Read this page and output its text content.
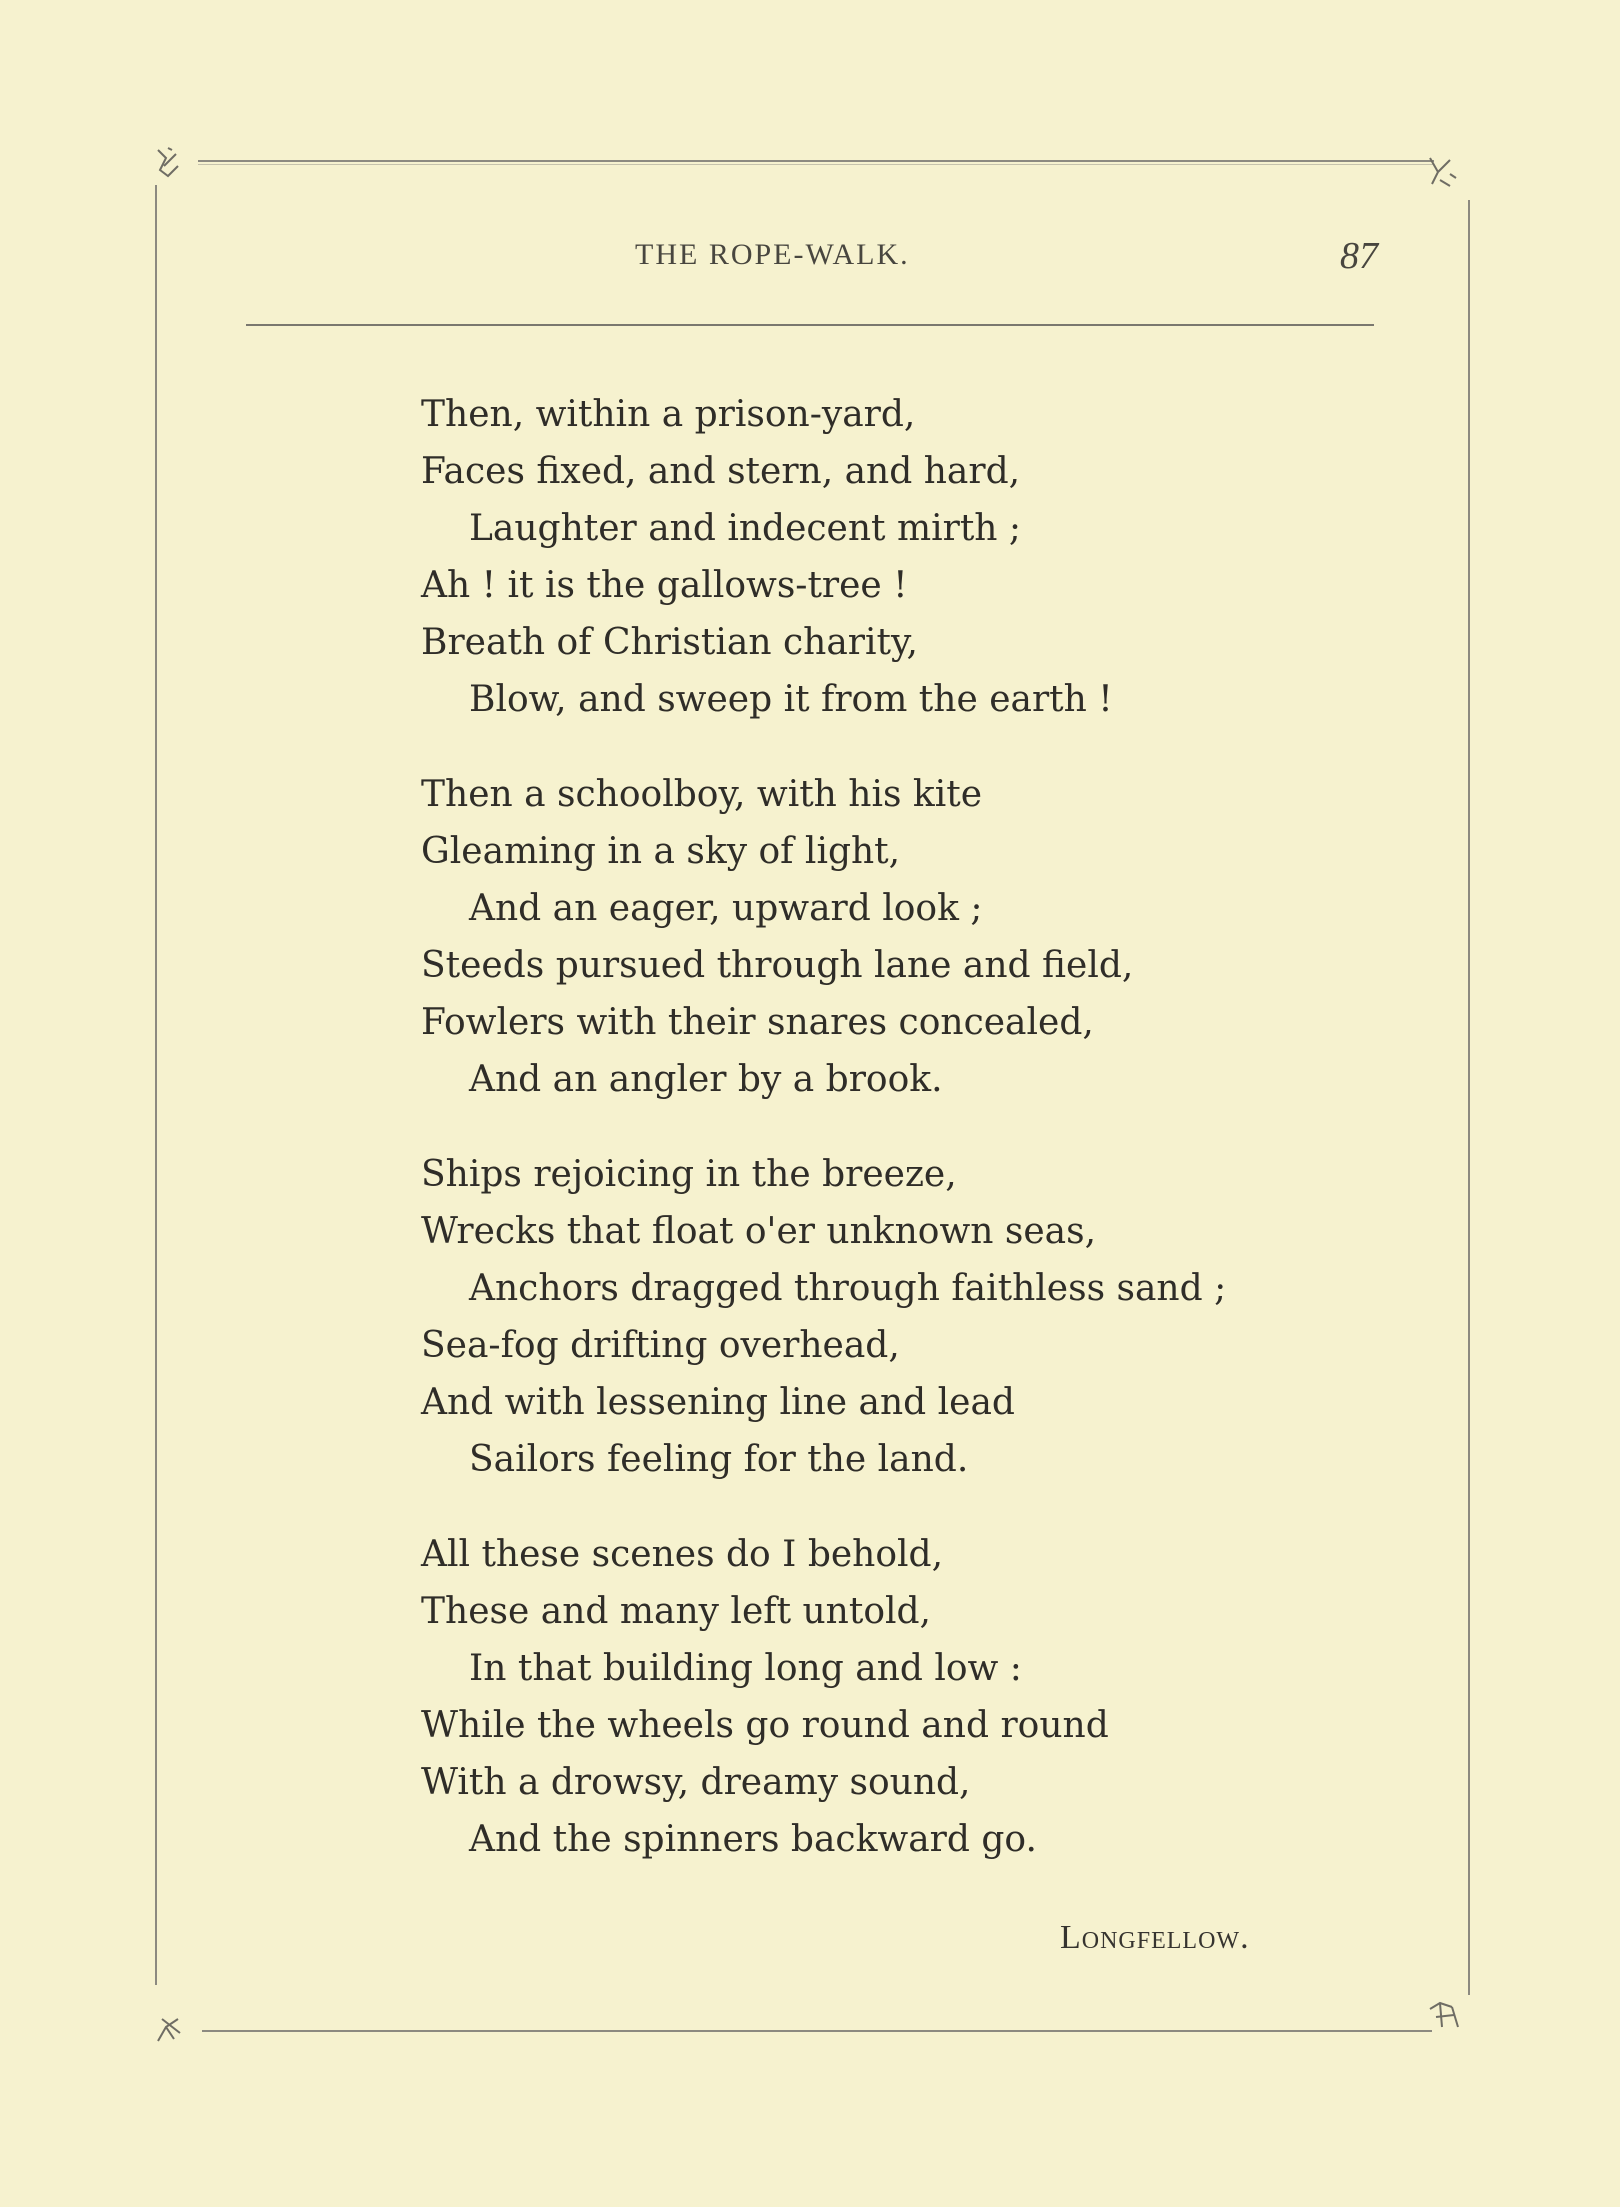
THE ROPE-WALK.	87
Then, within a prison-yard,
Faces fixed, and stern, and hard,
Laughter and indecent mirth ;
Ah ! it is the gallows-tree !
Breath of Christian charity,
Blow, and sweep it from the earth !
Then a schoolboy, with his kite
Gleaming in a sky of light,
And an eager, upward look ;
Steeds pursued through lane and field,
Fowlers with their snares concealed,
And an angler by a brook.
Ships rejoicing in the breeze,
Wrecks that float o'er unknown seas,
Anchors dragged through faithless sand ;
Sea-fog drifting overhead,
And with lessening line and lead
Sailors feeling for the land.
All these scenes do I behold,
These and many left untold,
In that building long and low :
While the wheels go round and round
With a drowsy, dreamy sound,
And the spinners backward go.
Longfellow.
